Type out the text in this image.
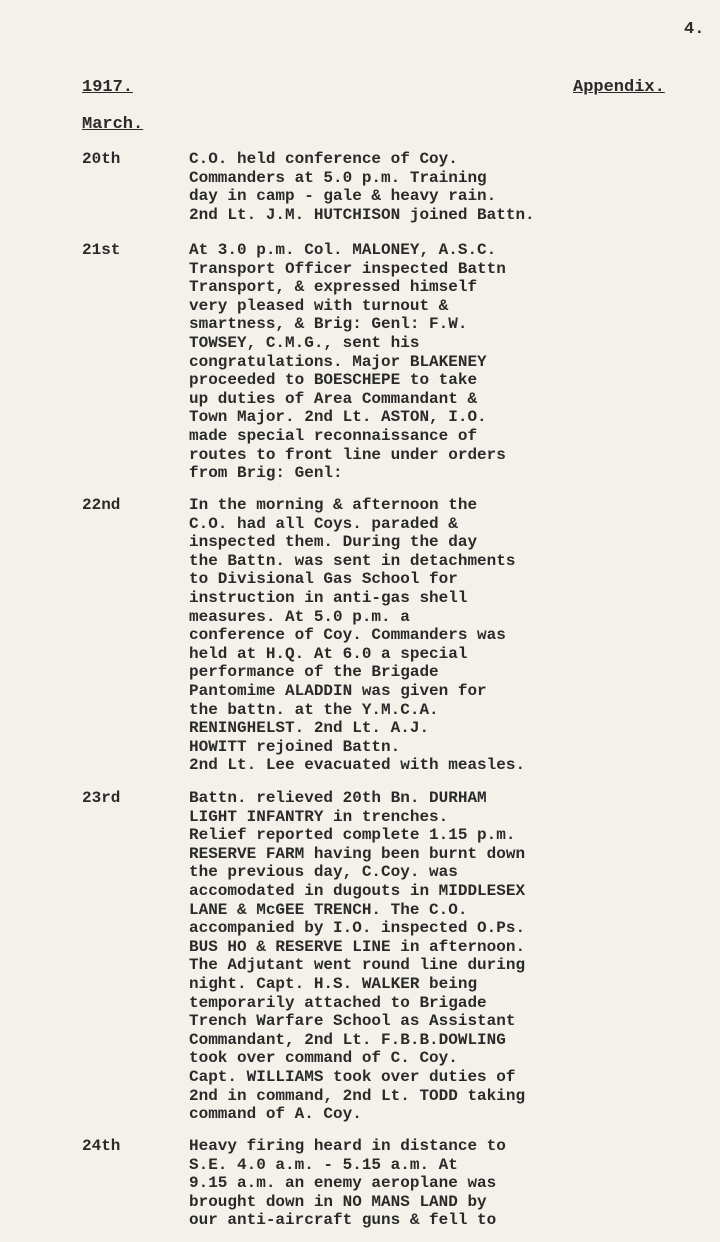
4.
1917.	Appendix.
March.
20th	C.O. held conference of Coy.
Commanders at 5.0 p.m. Training
day in camp - gale & heavy rain.
2nd Lt. J.M. HUTCHISON joined Battn.
21st	At 3.0 p.m. Col. MALONEY, A.S.C.
Transport Officer inspected Battn
Transport, & expressed himself
very pleased with turnout &
smartness, & Brig: Genl: F.W.
TOWSEY, C.M.G., sent his
congratulations. Major BLAKENEY
proceeded to BOESCHEPE to take
up duties of Area Commandant &
Town Major. 2nd Lt. ASTON, I.O.
made special reconnaissance of
routes to front line under orders
from Brig: Genl:
22nd	In the morning & afternoon the
C.O. had all Coys. paraded &
inspected them. During the day
the Battn. was sent in detachments
to Divisional Gas School for
instruction in anti-gas shell
measures. At 5.0 p.m. a
conference of Coy. Commanders was
held at H.Q. At 6.0 a special
performance of the Brigade
Pantomime ALADDIN was given for
the battn. at the Y.M.C.A.
RENINGHELST. 2nd Lt. A.J.
HOWITT rejoined Battn.
2nd Lt. Lee evacuated with measles.
23rd	Battn. relieved 20th Bn. DURHAM
LIGHT INFANTRY in trenches.
Relief reported complete 1.15 p.m.
RESERVE FARM having been burnt down
the previous day, C.Coy. was
accomodated in dugouts in MIDDLESEX
LANE & McGEE TRENCH. The C.O.
accompanied by I.O. inspected O.Ps.
BUS HO & RESERVE LINE in afternoon.
The Adjutant went round line during
night. Capt. H.S. WALKER being
temporarily attached to Brigade
Trench Warfare School as Assistant
Commandant, 2nd Lt. F.B.B.DOWLING
took over command of C. Coy.
Capt. WILLIAMS took over duties of
2nd in command, 2nd Lt. TODD taking
command of A. Coy.
24th	Heavy firing heard in distance to
S.E. 4.0 a.m. - 5.15 a.m. At
9.15 a.m. an enemy aeroplane was
brought down in NO MANS LAND by
our anti-aircraft guns & fell to
